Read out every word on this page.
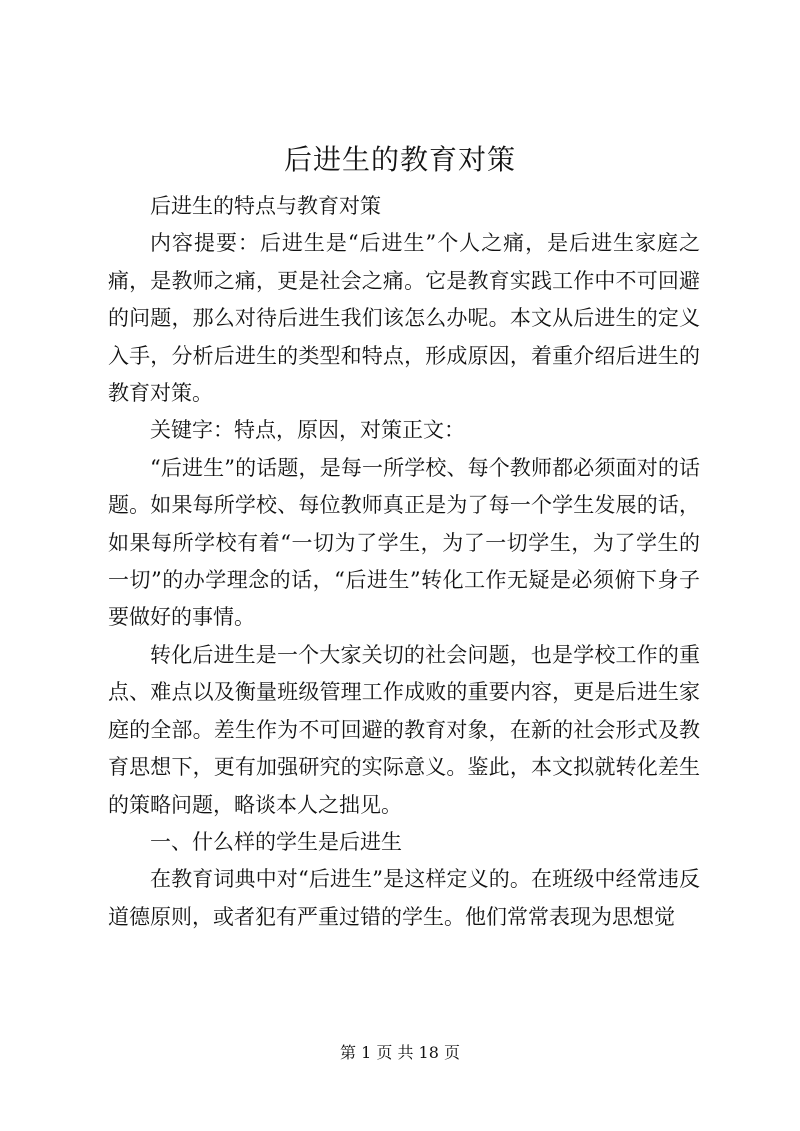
后进生的教育对策

后进生的特点与教育对策

内容提要：后进生是“后进生”个人之痛，是后进生家庭之痛，是教师之痛，更是社会之痛。它是教育实践工作中不可回避的问题，那么对待后进生我们该怎么办呢。本文从后进生的定义入手，分析后进生的类型和特点，形成原因，着重介绍后进生的教育对策。

关键字：特点，原因，对策正文：

“后进生”的话题，是每一所学校、每个教师都必须面对的话题。如果每所学校、每位教师真正是为了每一个学生发展的话，如果每所学校有着“一切为了学生，为了一切学生，为了学生的一切”的办学理念的话，“后进生”转化工作无疑是必须俯下身子要做好的事情。

转化后进生是一个大家关切的社会问题，也是学校工作的重点、难点以及衡量班级管理工作成败的重要内容，更是后进生家庭的全部。差生作为不可回避的教育对象，在新的社会形式及教育思想下，更有加强研究的实际意义。鉴此，本文拟就转化差生的策略问题，略谈本人之拙见。

一、什么样的学生是后进生

在教育词典中对“后进生”是这样定义的。在班级中经常违反道德原则，或者犯有严重过错的学生。他们常常表现为思想觉

第 1 页 共 18 页
